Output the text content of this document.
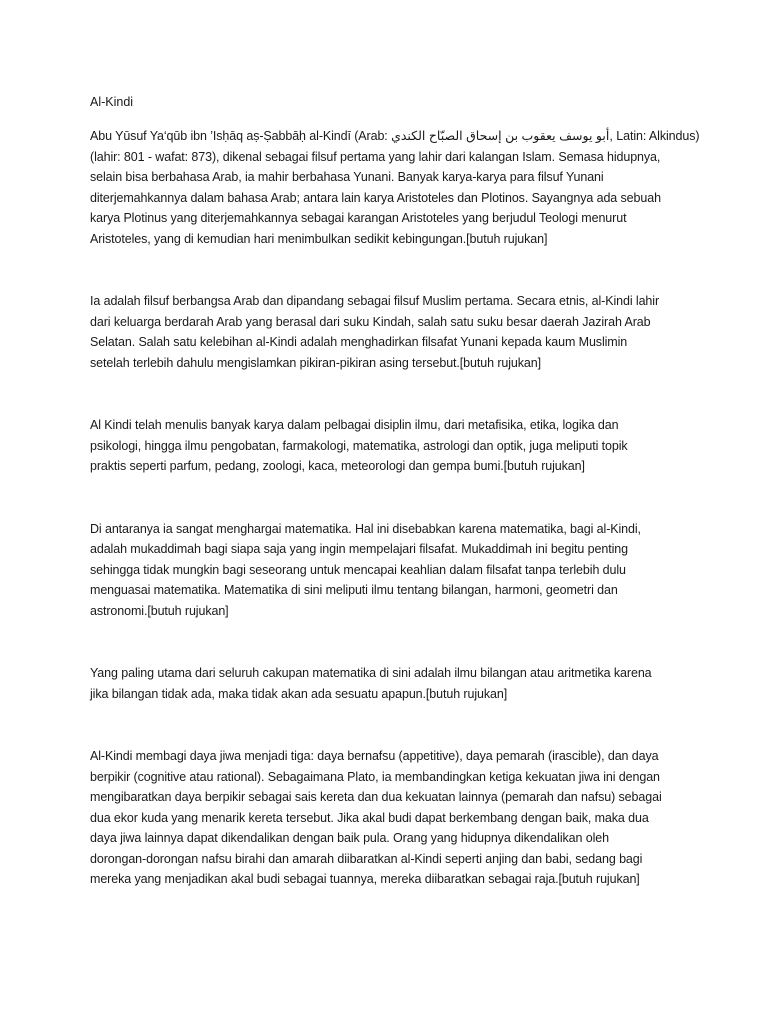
Al-Kindi

Abu Yūsuf Ya‘qūb ibn ’Isḥāq aṣ-Ṣabbāḥ al-Kindī (Arab: أبو يوسف يعقوب بن إسحاق الصبّاح الكندي, Latin: Alkindus)
(lahir: 801 - wafat: 873), dikenal sebagai filsuf pertama yang lahir dari kalangan Islam. Semasa hidupnya,
selain bisa berbahasa Arab, ia mahir berbahasa Yunani. Banyak karya-karya para filsuf Yunani
diterjemahkannya dalam bahasa Arab; antara lain karya Aristoteles dan Plotinos. Sayangnya ada sebuah
karya Plotinus yang diterjemahkannya sebagai karangan Aristoteles yang berjudul Teologi menurut
Aristoteles, yang di kemudian hari menimbulkan sedikit kebingungan.[butuh rujukan]

Ia adalah filsuf berbangsa Arab dan dipandang sebagai filsuf Muslim pertama. Secara etnis, al-Kindi lahir
dari keluarga berdarah Arab yang berasal dari suku Kindah, salah satu suku besar daerah Jazirah Arab
Selatan. Salah satu kelebihan al-Kindi adalah menghadirkan filsafat Yunani kepada kaum Muslimin
setelah terlebih dahulu mengislamkan pikiran-pikiran asing tersebut.[butuh rujukan]

Al Kindi telah menulis banyak karya dalam pelbagai disiplin ilmu, dari metafisika, etika, logika dan
psikologi, hingga ilmu pengobatan, farmakologi, matematika, astrologi dan optik, juga meliputi topik
praktis seperti parfum, pedang, zoologi, kaca, meteorologi dan gempa bumi.[butuh rujukan]

Di antaranya ia sangat menghargai matematika. Hal ini disebabkan karena matematika, bagi al-Kindi,
adalah mukaddimah bagi siapa saja yang ingin mempelajari filsafat. Mukaddimah ini begitu penting
sehingga tidak mungkin bagi seseorang untuk mencapai keahlian dalam filsafat tanpa terlebih dulu
menguasai matematika. Matematika di sini meliputi ilmu tentang bilangan, harmoni, geometri dan
astronomi.[butuh rujukan]

Yang paling utama dari seluruh cakupan matematika di sini adalah ilmu bilangan atau aritmetika karena
jika bilangan tidak ada, maka tidak akan ada sesuatu apapun.[butuh rujukan]

Al-Kindi membagi daya jiwa menjadi tiga: daya bernafsu (appetitive), daya pemarah (irascible), dan daya
berpikir (cognitive atau rational). Sebagaimana Plato, ia membandingkan ketiga kekuatan jiwa ini dengan
mengibaratkan daya berpikir sebagai sais kereta dan dua kekuatan lainnya (pemarah dan nafsu) sebagai
dua ekor kuda yang menarik kereta tersebut. Jika akal budi dapat berkembang dengan baik, maka dua
daya jiwa lainnya dapat dikendalikan dengan baik pula. Orang yang hidupnya dikendalikan oleh
dorongan-dorongan nafsu birahi dan amarah diibaratkan al-Kindi seperti anjing dan babi, sedang bagi
mereka yang menjadikan akal budi sebagai tuannya, mereka diibaratkan sebagai raja.[butuh rujukan]
